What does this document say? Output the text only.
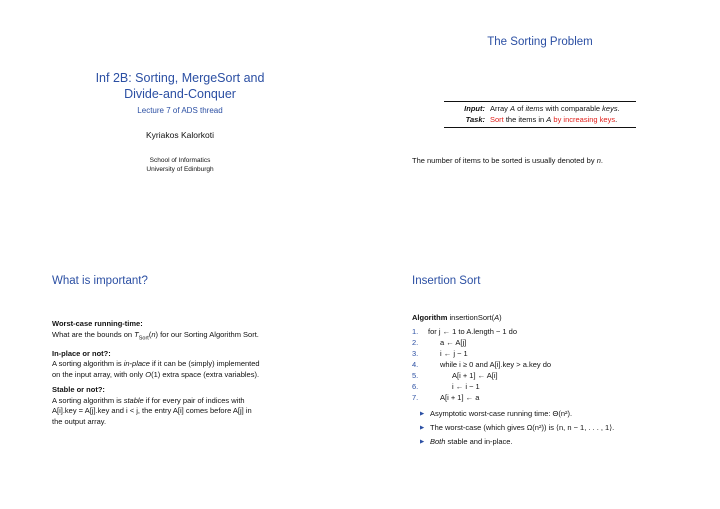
Inf 2B: Sorting, MergeSort and
Divide-and-Conquer
Lecture 7 of ADS thread
Kyriakos Kalorkoti
School of Informatics
University of Edinburgh
The Sorting Problem
Input: Array A of items with comparable keys.
Task: Sort the items in A by increasing keys.
The number of items to be sorted is usually denoted by n.
What is important?
Worst-case running-time:
What are the bounds on $T_{Sort}(n)$ for our Sorting Algorithm Sort.
In-place or not?:
A sorting algorithm is in-place if it can be (simply) implemented
on the input array, with only O(1) extra space (extra variables).
Stable or not?:
A sorting algorithm is stable if for every pair of indices with
A[i].key = A[j].key and i < j, the entry A[i] comes before A[j] in
the output array.
Insertion Sort
Algorithm insertionSort(A)
1. for j ← 1 to A.length − 1 do
2.	a ← A[j]
3.	i ← j − 1
4.	while i ≥ 0 and A[i].key > a.key do
5.	A[i + 1] ← A[i]
6.	i ← i − 1
7.	A[i + 1] ← a
▶ Asymptotic worst-case running time: Θ(n²).
▶ The worst-case (which gives Ω(n²)) is ⟨n, n − 1, . . . , 1⟩.
▶ Both stable and in-place.
